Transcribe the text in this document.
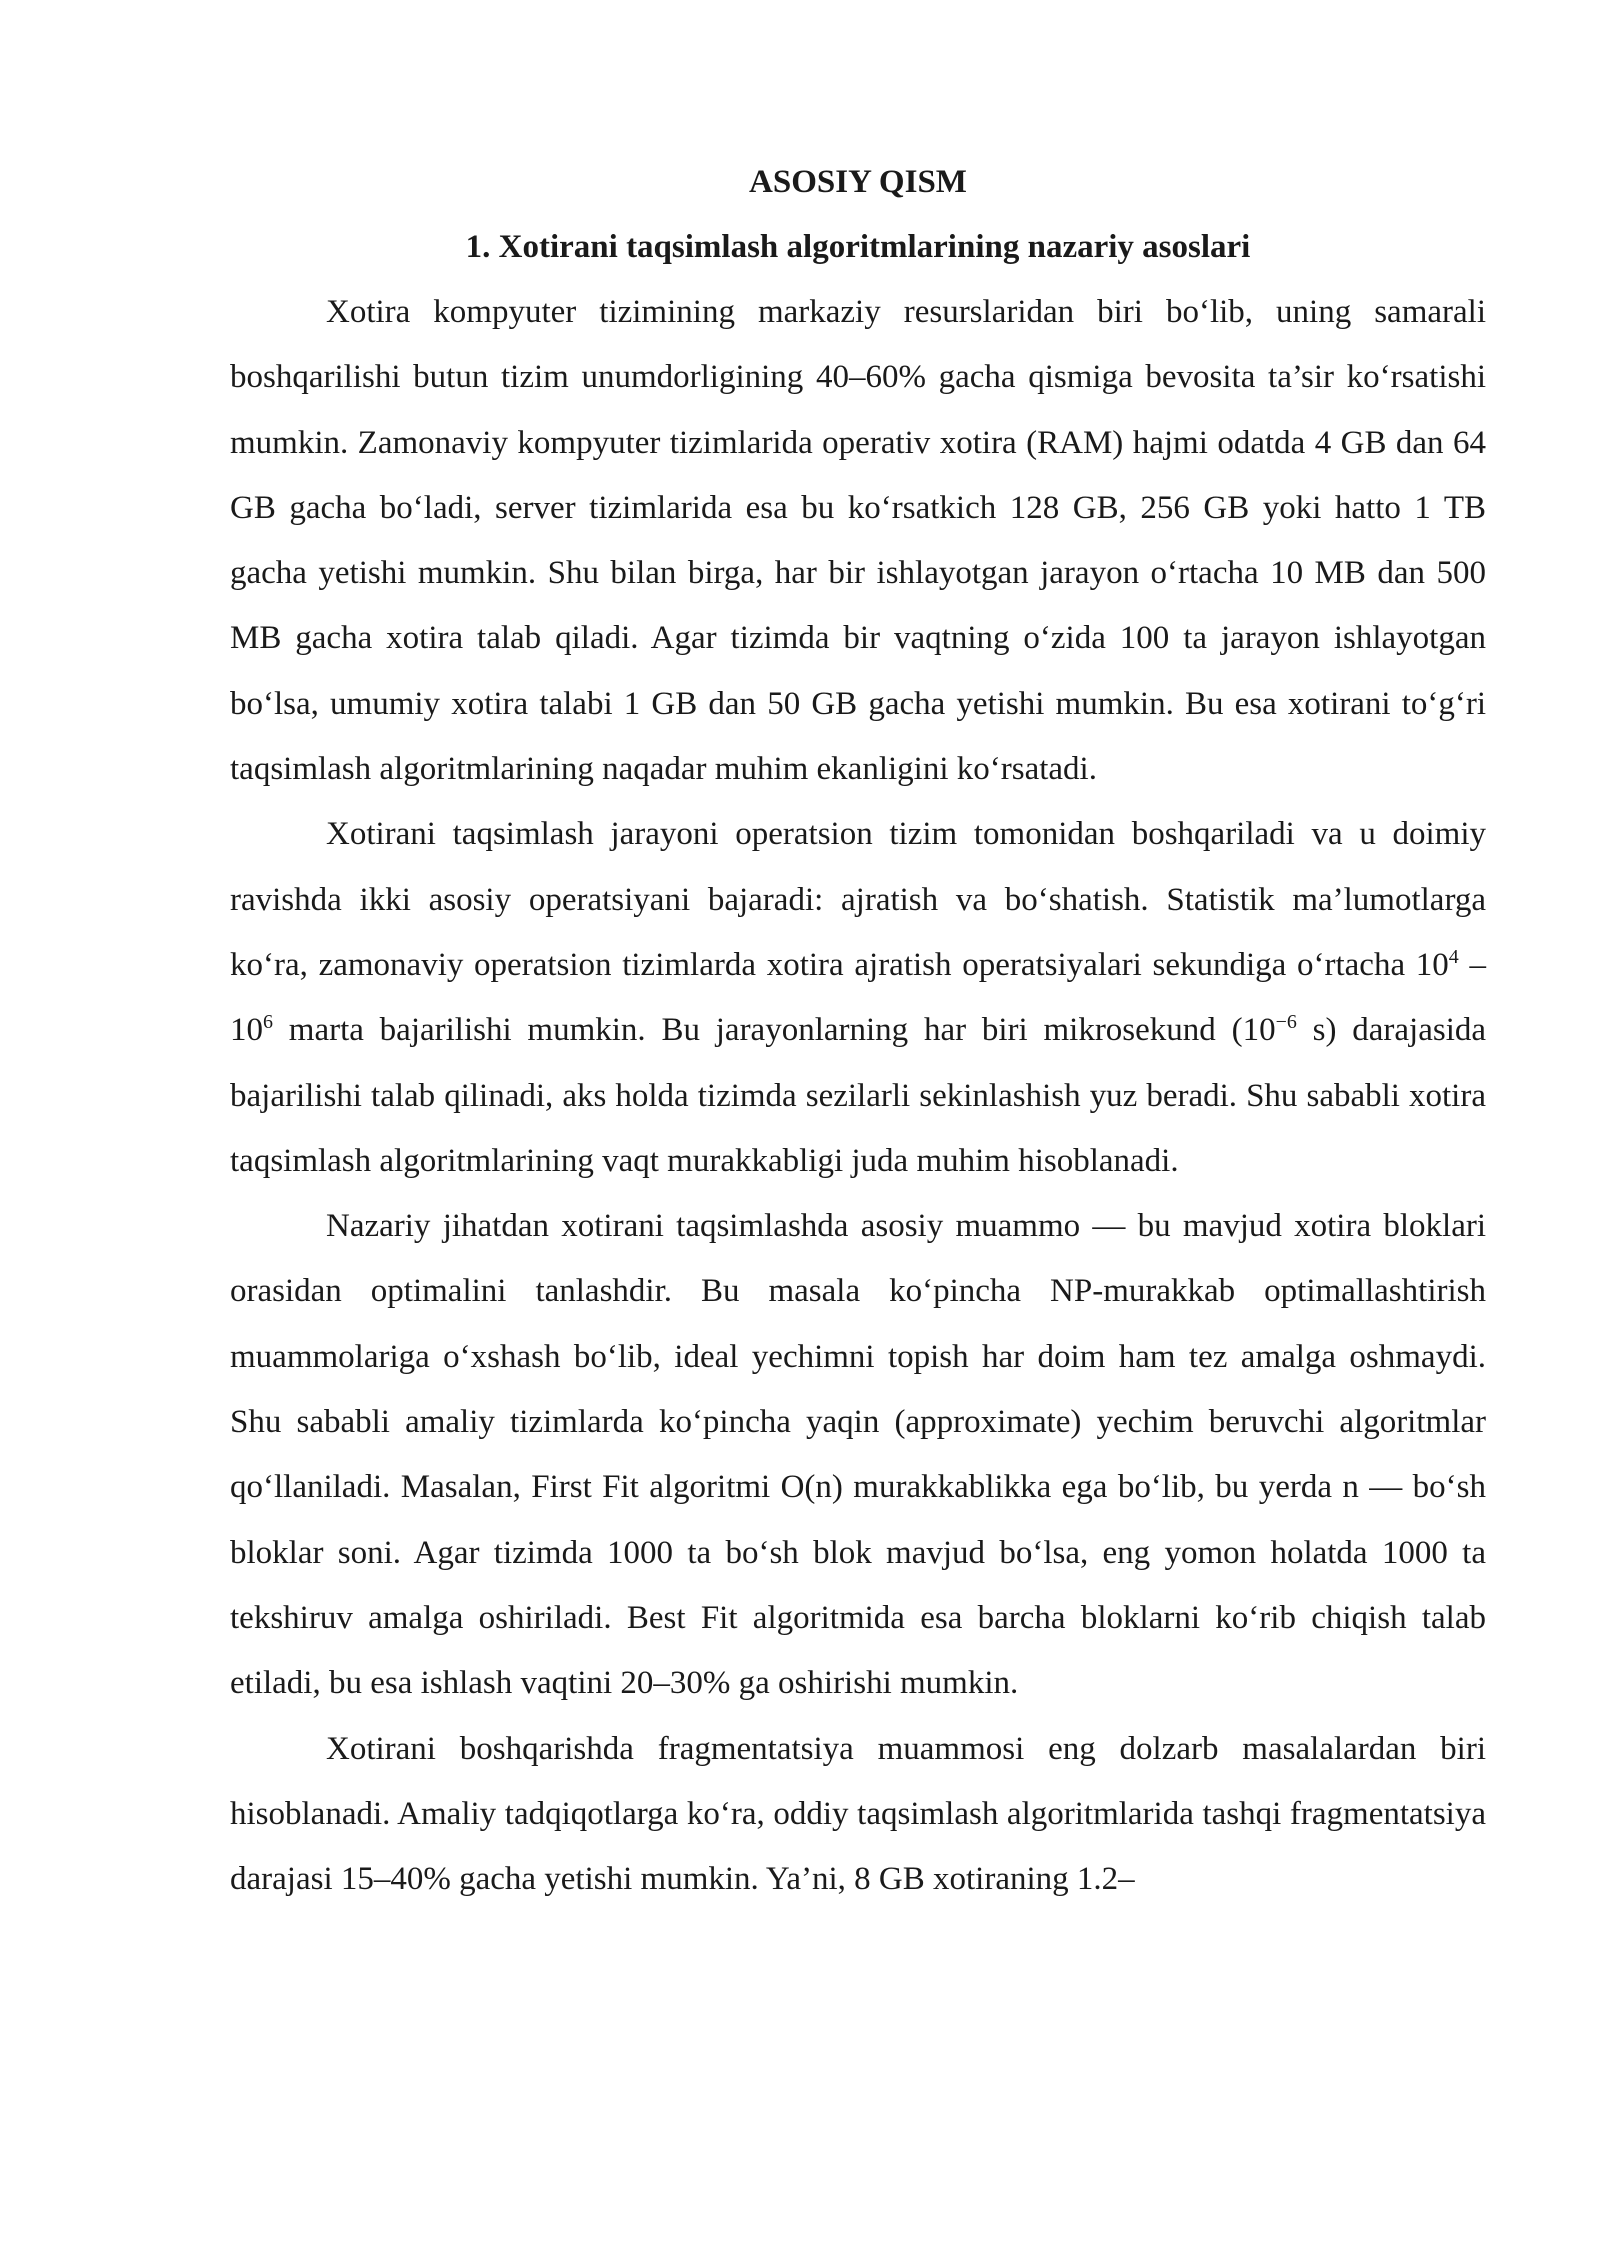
ASOSIY QISM
1. Xotirani taqsimlash algoritmlarining nazariy asoslari

Xotira kompyuter tizimining markaziy resurslaridan biri bo‘lib, uning samarali boshqarilishi butun tizim unumdorligining 40–60% gacha qismiga bevosita ta’sir ko‘rsatishi mumkin. Zamonaviy kompyuter tizimlarida operativ xotira (RAM) hajmi odatda 4 GB dan 64 GB gacha bo‘ladi, server tizimlarida esa bu ko‘rsatkich 128 GB, 256 GB yoki hatto 1 TB gacha yetishi mumkin. Shu bilan birga, har bir ishlayotgan jarayon o‘rtacha 10 MB dan 500 MB gacha xotira talab qiladi. Agar tizimda bir vaqtning o‘zida 100 ta jarayon ishlayotgan bo‘lsa, umumiy xotira talabi 1 GB dan 50 GB gacha yetishi mumkin. Bu esa xotirani to‘g‘ri taqsimlash algoritmlarining naqadar muhim ekanligini ko‘rsatadi.

Xotirani taqsimlash jarayoni operatsion tizim tomonidan boshqariladi va u doimiy ravishda ikki asosiy operatsiyani bajaradi: ajratish va bo‘shatish. Statistik ma’lumotlarga ko‘ra, zamonaviy operatsion tizimlarda xotira ajratish operatsiyalari sekundiga o‘rtacha $10^4 - 10^6$ marta bajarilishi mumkin. Bu jarayonlarning har biri mikrosekund ($10^{-6}$ s) darajasida bajarilishi talab qilinadi, aks holda tizimda sezilarli sekinlashish yuz beradi. Shu sababli xotira taqsimlash algoritmlarining vaqt murakkabligi juda muhim hisoblanadi.

Nazariy jihatdan xotirani taqsimlashda asosiy muammo — bu mavjud xotira bloklari orasidan optimalini tanlashdir. Bu masala ko‘pincha NP-murakkab optimallashtirish muammolariga o‘xshash bo‘lib, ideal yechimni topish har doim ham tez amalga oshmaydi. Shu sababli amaliy tizimlarda ko‘pincha yaqin (approximate) yechim beruvchi algoritmlar qo‘llaniladi. Masalan, First Fit algoritmi O(n) murakkablikka ega bo‘lib, bu yerda n — bo‘sh bloklar soni. Agar tizimda 1000 ta bo‘sh blok mavjud bo‘lsa, eng yomon holatda 1000 ta tekshiruv amalga oshiriladi. Best Fit algoritmida esa barcha bloklarni ko‘rib chiqish talab etiladi, bu esa ishlash vaqtini 20–30% ga oshirishi mumkin.

Xotirani boshqarishda fragmentatsiya muammosi eng dolzarb masalalardan biri hisoblanadi. Amaliy tadqiqotlarga ko‘ra, oddiy taqsimlash algoritmlarida tashqi fragmentatsiya darajasi 15–40% gacha yetishi mumkin. Ya’ni, 8 GB xotiraning 1.2–
